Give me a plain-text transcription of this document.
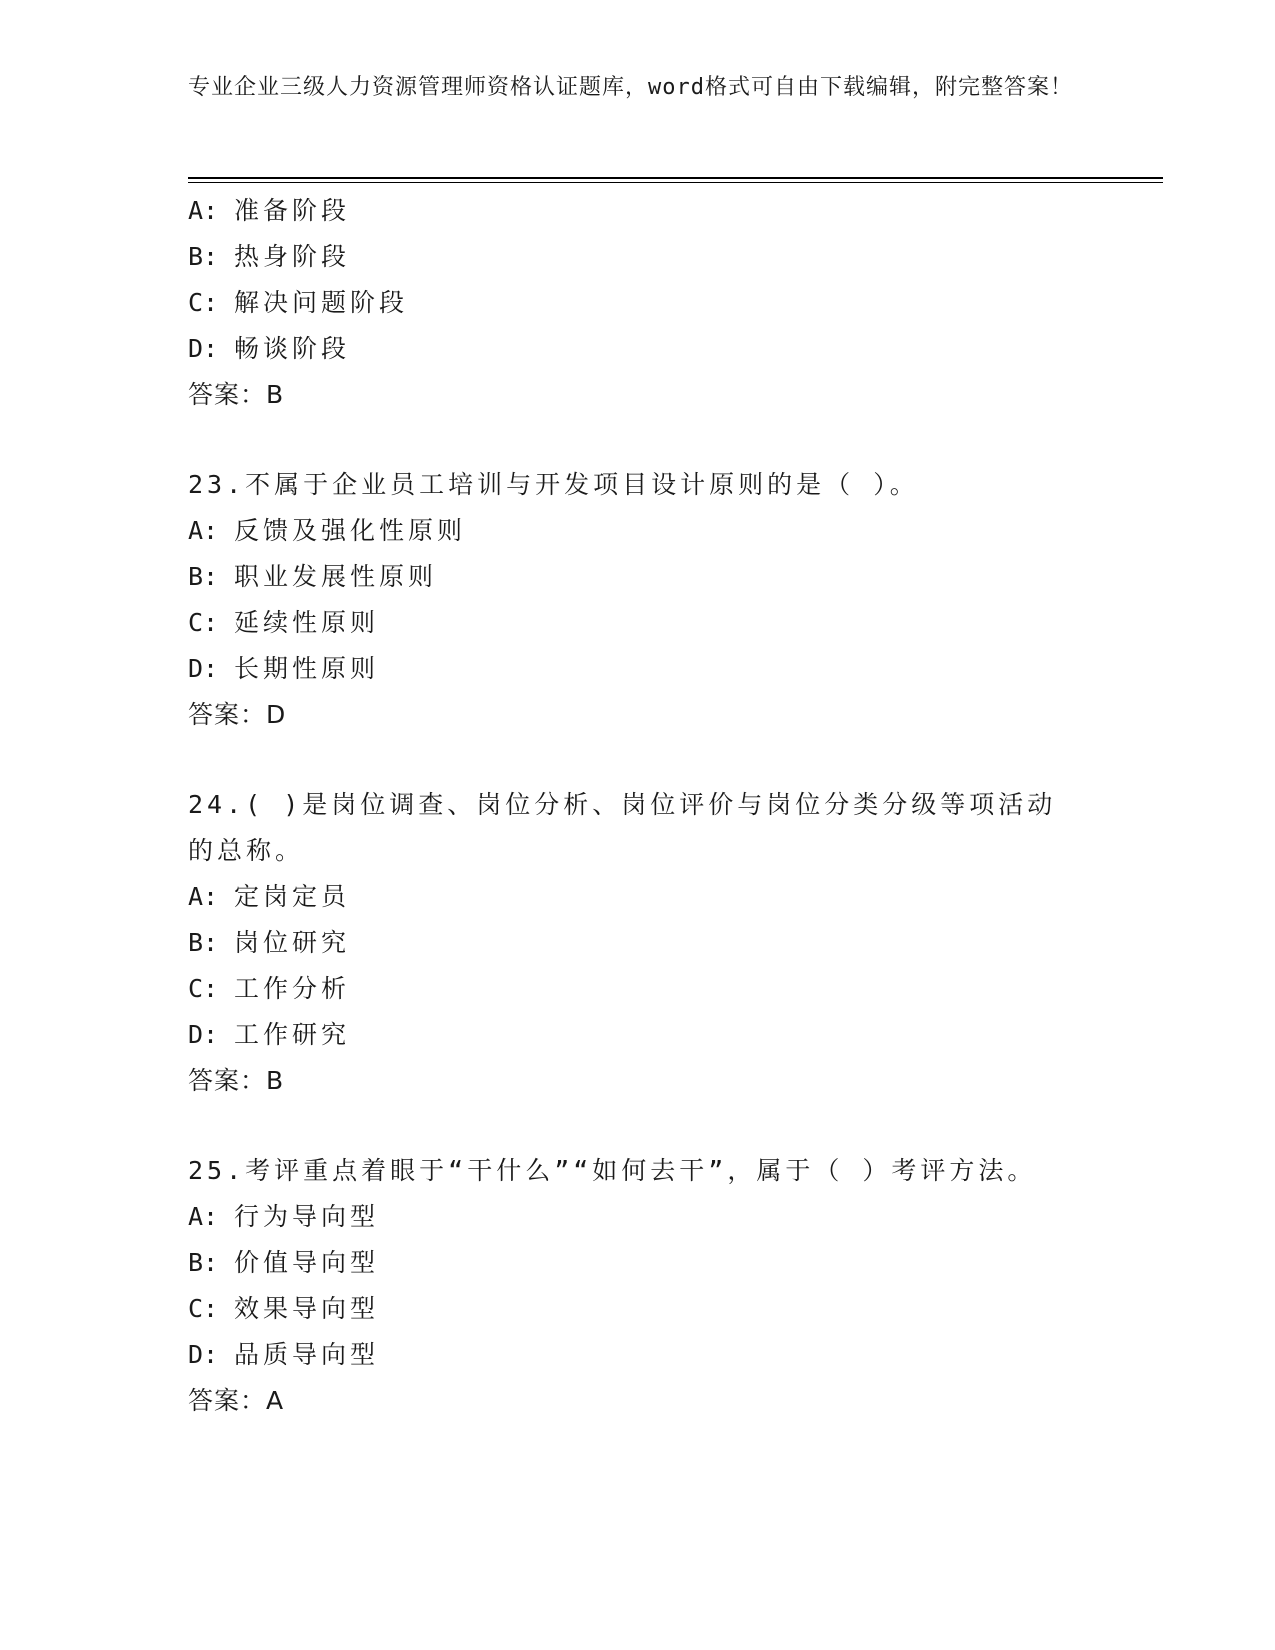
专业企业三级人力资源管理师资格认证题库，word格式可自由下载编辑，附完整答案！
A: 准备阶段
B: 热身阶段
C: 解决问题阶段
D: 畅谈阶段
答案：B
23.不属于企业员工培训与开发项目设计原则的是（ ）。
A: 反馈及强化性原则
B: 职业发展性原则
C: 延续性原则
D: 长期性原则
答案：D
24.( )是岗位调查、岗位分析、岗位评价与岗位分类分级等项活动的总称。
A: 定岗定员
B: 岗位研究
C: 工作分析
D: 工作研究
答案：B
25.考评重点着眼于“干什么”“如何去干”，属于（ ）考评方法。
A: 行为导向型
B: 价值导向型
C: 效果导向型
D: 品质导向型
答案：A
